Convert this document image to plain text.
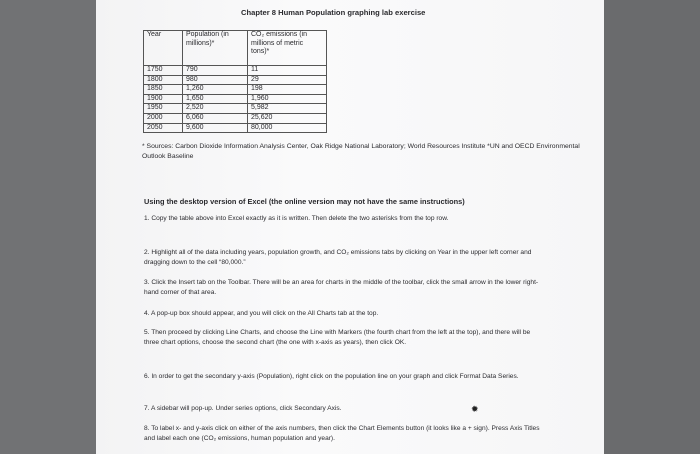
Chapter 8 Human Population graphing lab exercise
Year	Population (in millions)*	CO₂ emissions (in millions of metric tons)*
1750	790	11
1800	980	29
1850	1,260	198
1900	1,650	1,960
1950	2,520	5,982
2000	6,060	25,620
2050	9,600	80,000
* Sources: Carbon Dioxide Information Analysis Center, Oak Ridge National Laboratory; World Resources Institute *UN and OECD Environmental Outlook Baseline
Using the desktop version of Excel (the online version may not have the same instructions)
1. Copy the table above into Excel exactly as it is written. Then delete the two asterisks from the top row.
2. Highlight all of the data including years, population growth, and CO₂ emissions tabs by clicking on Year in the upper left corner and dragging down to the cell “80,000.”
3. Click the Insert tab on the Toolbar. There will be an area for charts in the middle of the toolbar, click the small arrow in the lower right-hand corner of that area.
4. A pop-up box should appear, and you will click on the All Charts tab at the top.
5. Then proceed by clicking Line Charts, and choose the Line with Markers (the fourth chart from the left at the top), and there will be three chart options, choose the second chart (the one with x-axis as years), then click OK.
6. In order to get the secondary y-axis (Population), right click on the population line on your graph and click Format Data Series.
7. A sidebar will pop-up. Under series options, click Secondary Axis.
8. To label x- and y-axis click on either of the axis numbers, then click the Chart Elements button (it looks like a + sign). Press Axis Titles and label each one (CO₂ emissions, human population and year).
✹
